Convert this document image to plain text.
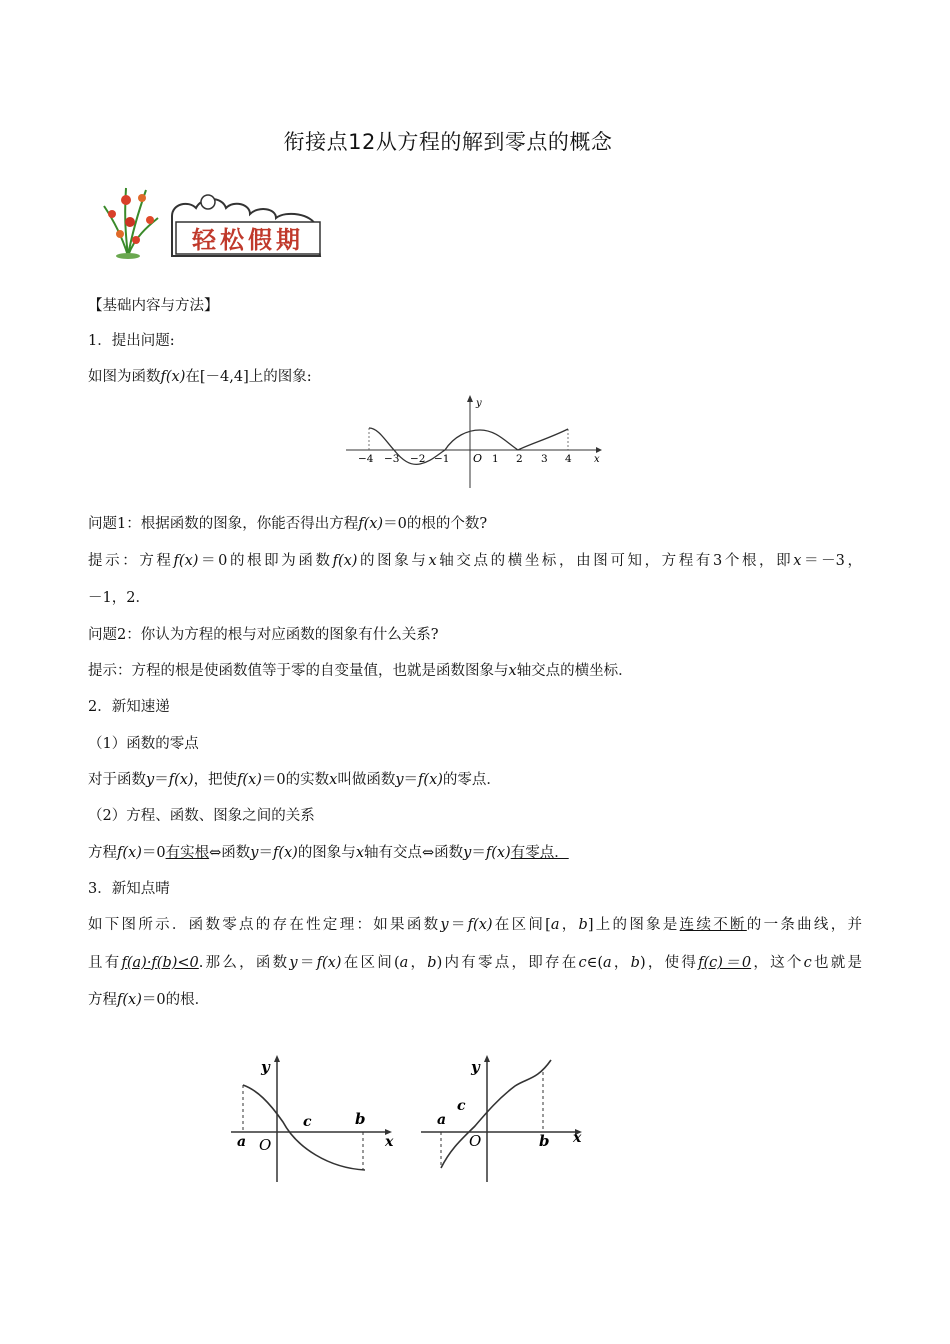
衔接点12从方程的解到零点的概念
轻松假期
【基础内容与方法】
1．提出问题:
如图为函数f(x)在[－4,4]上的图象:
y
x
O
−4 −3 −2 −1	1 2 3 4
问题1：根据函数的图象，你能否得出方程f(x)＝0的根的个数?
提示：方程f(x)＝0的根即为函数f(x)的图象与x轴交点的横坐标，由图可知，方程有3个根，即x＝－3，
－1，2．
问题2：你认为方程的根与对应函数的图象有什么关系?
提示：方程的根是使函数值等于零的自变量值，也就是函数图象与x轴交点的横坐标．
2．新知速递
（1）函数的零点
对于函数y＝f(x)，把使f(x)＝0的实数x叫做函数y＝f(x)的零点．
（2）方程、函数、图象之间的关系
方程f(x)＝0有实根⇔函数y＝f(x)的图象与x轴有交点⇔函数y＝f(x)有零点．
3．新知点晴
如下图所示．函数零点的存在性定理：如果函数y＝f(x)在区间[a，b]上的图象是连续不断的一条曲线，并
且有f(a)·f(b)<0.那么，函数y＝f(x)在区间(a，b)内有零点，即存在c∈(a，b)，使得f(c)＝0，这个c也就是
方程f(x)＝0的根．
y
x
O
a
b
c
y
x
O
a
b
c
